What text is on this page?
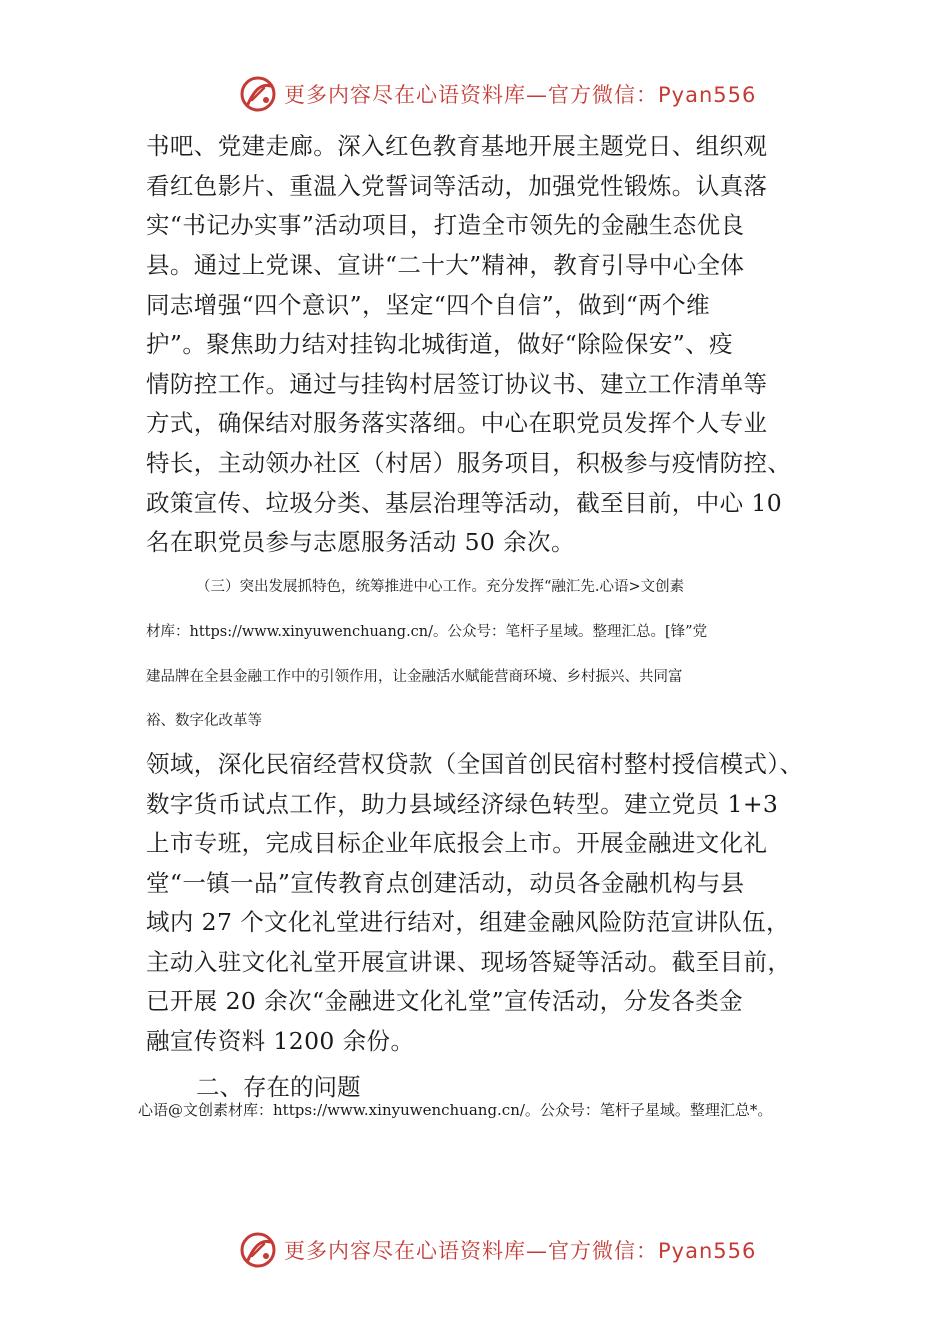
更多内容尽在心语资料库—官方微信：Pyan556
书吧、党建走廊。深入红色教育基地开展主题党日、组织观
看红色影片、重温入党誓词等活动，加强党性锻炼。认真落
实“书记办实事”活动项目，打造全市领先的金融生态优良
县。通过上党课、宣讲“二十大”精神，教育引导中心全体
同志增强“四个意识”，坚定“四个自信”，做到“两个维
护”。聚焦助力结对挂钩北城街道，做好“除险保安”、疫
情防控工作。通过与挂钩村居签订协议书、建立工作清单等
方式，确保结对服务落实落细。中心在职党员发挥个人专业
特长，主动领办社区（村居）服务项目，积极参与疫情防控、
政策宣传、垃圾分类、基层治理等活动，截至目前，中心 10
名在职党员参与志愿服务活动 50 余次。
（三）突出发展抓特色，统筹推进中心工作。充分发挥“融汇先.心语>文创素
材库：https://www.xinyuwenchuang.cn/。公众号：笔杆子星域。整理汇总。[锋”党
建品牌在全县金融工作中的引领作用，让金融活水赋能营商环境、乡村振兴、共同富
裕、数字化改革等
领域，深化民宿经营权贷款（全国首创民宿村整村授信模式）、
数字货币试点工作，助力县域经济绿色转型。建立党员 1+3
上市专班，完成目标企业年底报会上市。开展金融进文化礼
堂“一镇一品”宣传教育点创建活动，动员各金融机构与县
域内 27 个文化礼堂进行结对，组建金融风险防范宣讲队伍，
主动入驻文化礼堂开展宣讲课、现场答疑等活动。截至目前，
已开展 20 余次“金融进文化礼堂”宣传活动，分发各类金
融宣传资料 1200 余份。
二、存在的问题
心语@文创素材库：https://www.xinyuwenchuang.cn/。公众号：笔杆子星域。整理汇总*。
更多内容尽在心语资料库—官方微信：Pyan556
